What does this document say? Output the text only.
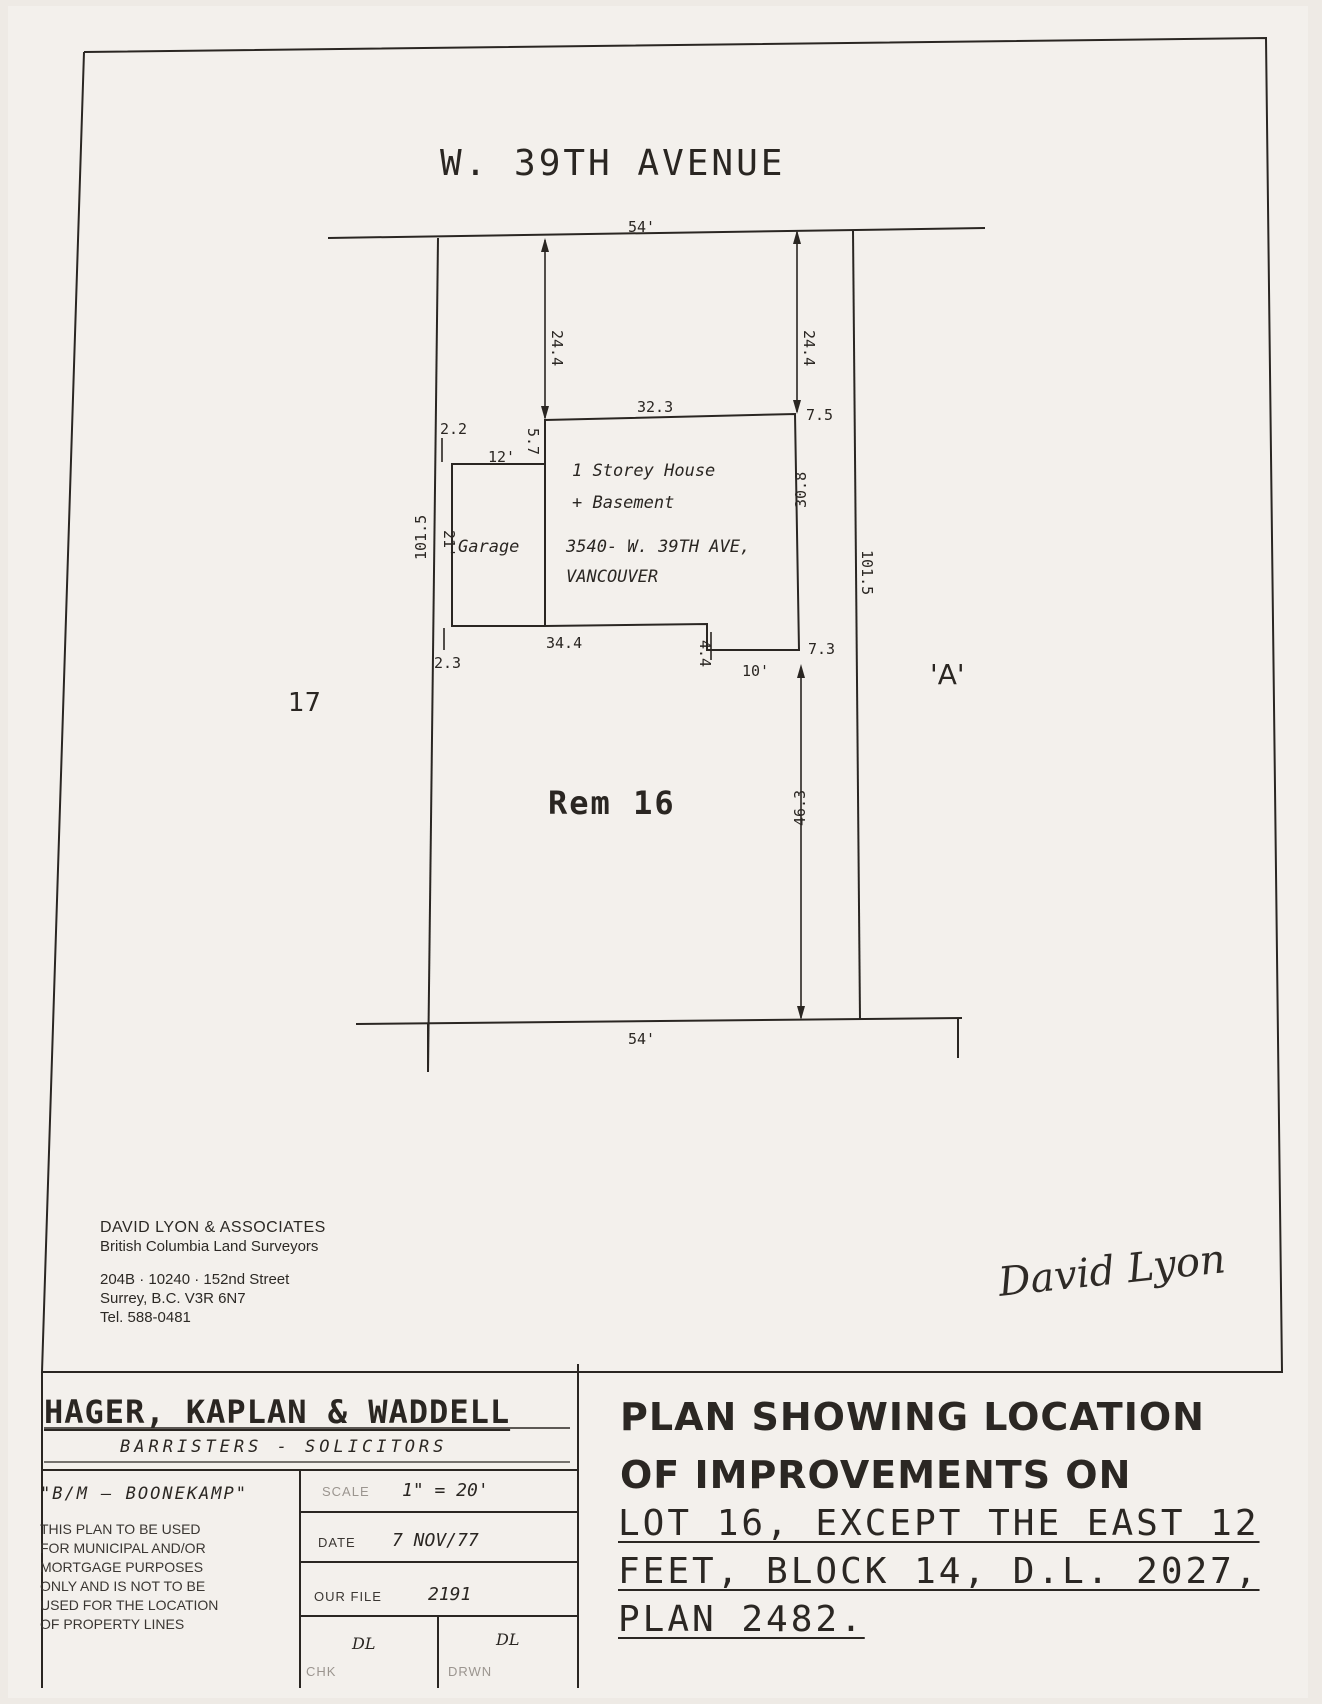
54'
54'
32.3
34.4
2.2
2.3
7.5
7.3
12'
10'
24.4	24.4
5.7
21'
101.5
101.5
30.8
4.4
46.3
1 Storey House
+ Basement
3540- W. 39TH AVE,
VANCOUVER
Garage
W. 39TH AVENUE
17
'A'
Rem 16
DAVID LYON & ASSOCIATES
British Columbia Land Surveyors
204B · 10240 · 152nd Street
Surrey, B.C. V3R 6N7
Tel. 588-0481
David Lyon
HAGER, KAPLAN & WADDELL
BARRISTERS - SOLICITORS
"B/M – BOONEKAMP"
THIS PLAN TO BE USED
FOR MUNICIPAL AND/OR
MORTGAGE PURPOSES
ONLY AND IS NOT TO BE
USED FOR THE LOCATION
OF PROPERTY LINES
SCALE 1" = 20'
DATE 7 NOV/77
OUR FILE	2191
DL
CHK
DL
DRWN
PLAN SHOWING LOCATION
OF IMPROVEMENTS ON
LOT 16, EXCEPT THE EAST 12
FEET, BLOCK 14, D.L. 2027,
PLAN 2482.
